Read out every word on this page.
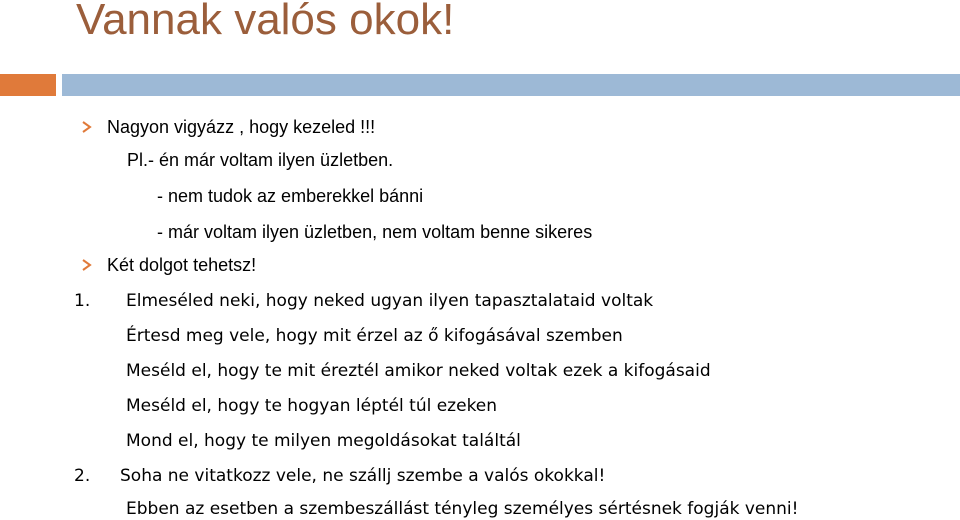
Vannak valós okok!
Nagyon vigyázz , hogy kezeled !!!
Pl.- én már voltam ilyen üzletben.
- nem tudok az emberekkel bánni
- már voltam ilyen üzletben, nem voltam benne sikeres
Két dolgot tehetsz!
1. Elmeséled neki, hogy neked ugyan ilyen tapasztalataid voltak
Értesd meg vele, hogy mit érzel az ő kifogásával szemben
Meséld el, hogy te mit éreztél amikor neked voltak ezek a kifogásaid
Meséld el, hogy te hogyan léptél túl ezeken
Mond el, hogy te milyen megoldásokat találtál
2. Soha ne vitatkozz vele, ne szállj szembe a valós okokkal!
Ebben az esetben a szembeszállást tényleg személyes sértésnek fogják venni!
